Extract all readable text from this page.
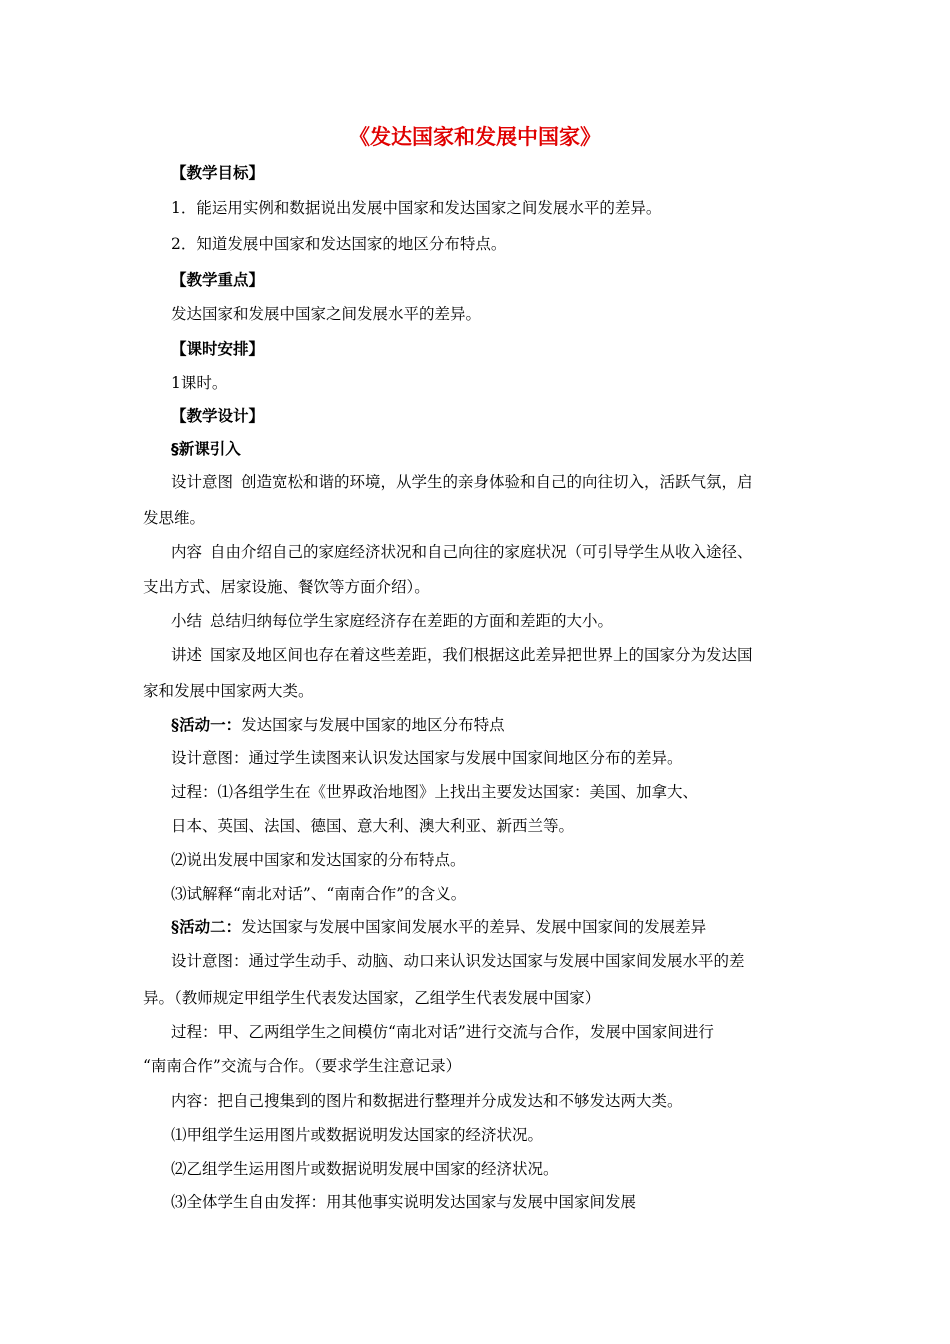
《发达国家和发展中国家》
【教学目标】
1．能运用实例和数据说出发展中国家和发达国家之间发展水平的差异。
2．知道发展中国家和发达国家的地区分布特点。
【教学重点】
发达国家和发展中国家之间发展水平的差异。
【课时安排】
1课时。
【教学设计】
§新课引入
设计意图 创造宽松和谐的环境，从学生的亲身体验和自己的向往切入，活跃气氛，启
发思维。
内容 自由介绍自己的家庭经济状况和自己向往的家庭状况（可引导学生从收入途径、
支出方式、居家设施、餐饮等方面介绍）。
小结 总结归纳每位学生家庭经济存在差距的方面和差距的大小。
讲述 国家及地区间也存在着这些差距，我们根据这此差异把世界上的国家分为发达国
家和发展中国家两大类。
§活动一：发达国家与发展中国家的地区分布特点
设计意图：通过学生读图来认识发达国家与发展中国家间地区分布的差异。
过程：⑴各组学生在《世界政治地图》上找出主要发达国家：美国、加拿大、
日本、英国、法国、德国、意大利、澳大利亚、新西兰等。
⑵说出发展中国家和发达国家的分布特点。
⑶试解释“南北对话”、“南南合作”的含义。
§活动二：发达国家与发展中国家间发展水平的差异、发展中国家间的发展差异
设计意图：通过学生动手、动脑、动口来认识发达国家与发展中国家间发展水平的差
异。（教师规定甲组学生代表发达国家，乙组学生代表发展中国家）
过程：甲、乙两组学生之间模仿“南北对话”进行交流与合作，发展中国家间进行
“南南合作”交流与合作。（要求学生注意记录）
内容：把自己搜集到的图片和数据进行整理并分成发达和不够发达两大类。
⑴甲组学生运用图片或数据说明发达国家的经济状况。
⑵乙组学生运用图片或数据说明发展中国家的经济状况。
⑶全体学生自由发挥：用其他事实说明发达国家与发展中国家间发展
